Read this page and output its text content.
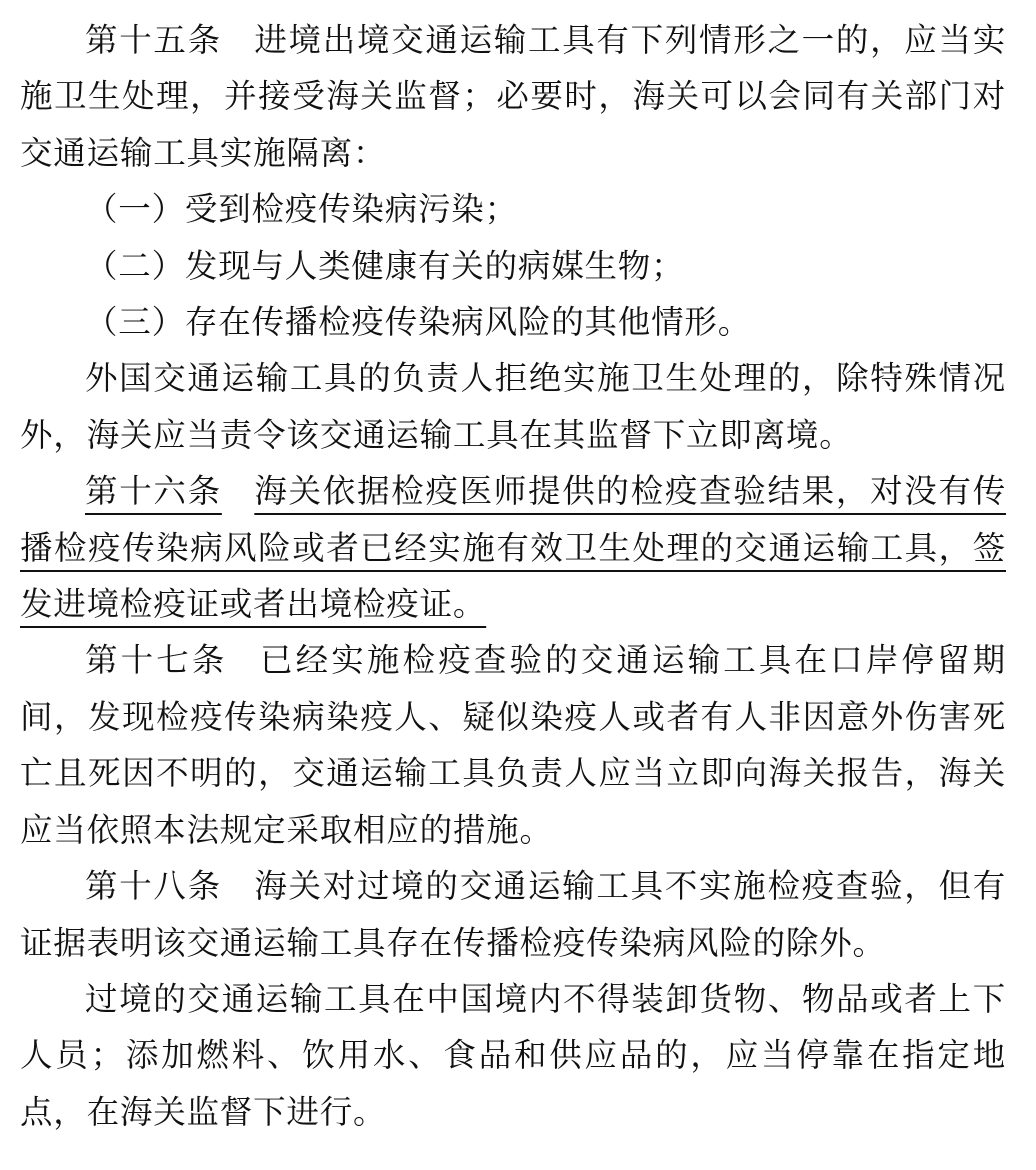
第十五条 进境出境交通运输工具有下列情形之一的，应当实施卫生处理，并接受海关监督；必要时，海关可以会同有关部门对交通运输工具实施隔离：

（一）受到检疫传染病污染；

（二）发现与人类健康有关的病媒生物；

（三）存在传播检疫传染病风险的其他情形。

外国交通运输工具的负责人拒绝实施卫生处理的，除特殊情况外，海关应当责令该交通运输工具在其监督下立即离境。

第十六条 海关依据检疫医师提供的检疫查验结果，对没有传播检疫传染病风险或者已经实施有效卫生处理的交通运输工具，签发进境检疫证或者出境检疫证。

第十七条 已经实施检疫查验的交通运输工具在口岸停留期间，发现检疫传染病染疫人、疑似染疫人或者有人非因意外伤害死亡且死因不明的，交通运输工具负责人应当立即向海关报告，海关应当依照本法规定采取相应的措施。

第十八条 海关对过境的交通运输工具不实施检疫查验，但有证据表明该交通运输工具存在传播检疫传染病风险的除外。

过境的交通运输工具在中国境内不得装卸货物、物品或者上下人员；添加燃料、饮用水、食品和供应品的，应当停靠在指定地点，在海关监督下进行。
